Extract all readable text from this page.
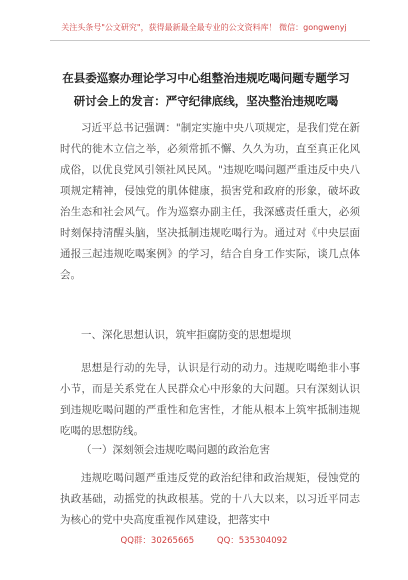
关注头条号"公文研究"，获得最新最全最专业的公文资料库！ 微信：gongwenyj
在县委巡察办理论学习中心组整治违规吃喝问题专题学习
研讨会上的发言：严守纪律底线，坚决整治违规吃喝

习近平总书记强调："制定实施中央八项规定，是我们党在新时代的徙木立信之举，必须常抓不懈、久久为功，直至真正化风成俗，以优良党风引领社风民风。"违规吃喝问题严重违反中央八项规定精神，侵蚀党的肌体健康，损害党和政府的形象，破坏政治生态和社会风气。作为巡察办副主任，我深感责任重大，必须时刻保持清醒头脑，坚决抵制违规吃喝行为。通过对《中央层面通报三起违规吃喝案例》的学习，结合自身工作实际，谈几点体会。

一、深化思想认识，筑牢拒腐防变的思想堤坝

思想是行动的先导，认识是行动的动力。违规吃喝绝非小事小节，而是关系党在人民群众心中形象的大问题。只有深刻认识到违规吃喝问题的严重性和危害性，才能从根本上筑牢抵制违规吃喝的思想防线。

（一）深刻领会违规吃喝问题的政治危害

违规吃喝问题严重违反党的政治纪律和政治规矩，侵蚀党的执政基础，动摇党的执政根基。党的十八大以来，以习近平同志为核心的党中央高度重视作风建设，把落实中

QQ群：30265665	QQ：535304092
